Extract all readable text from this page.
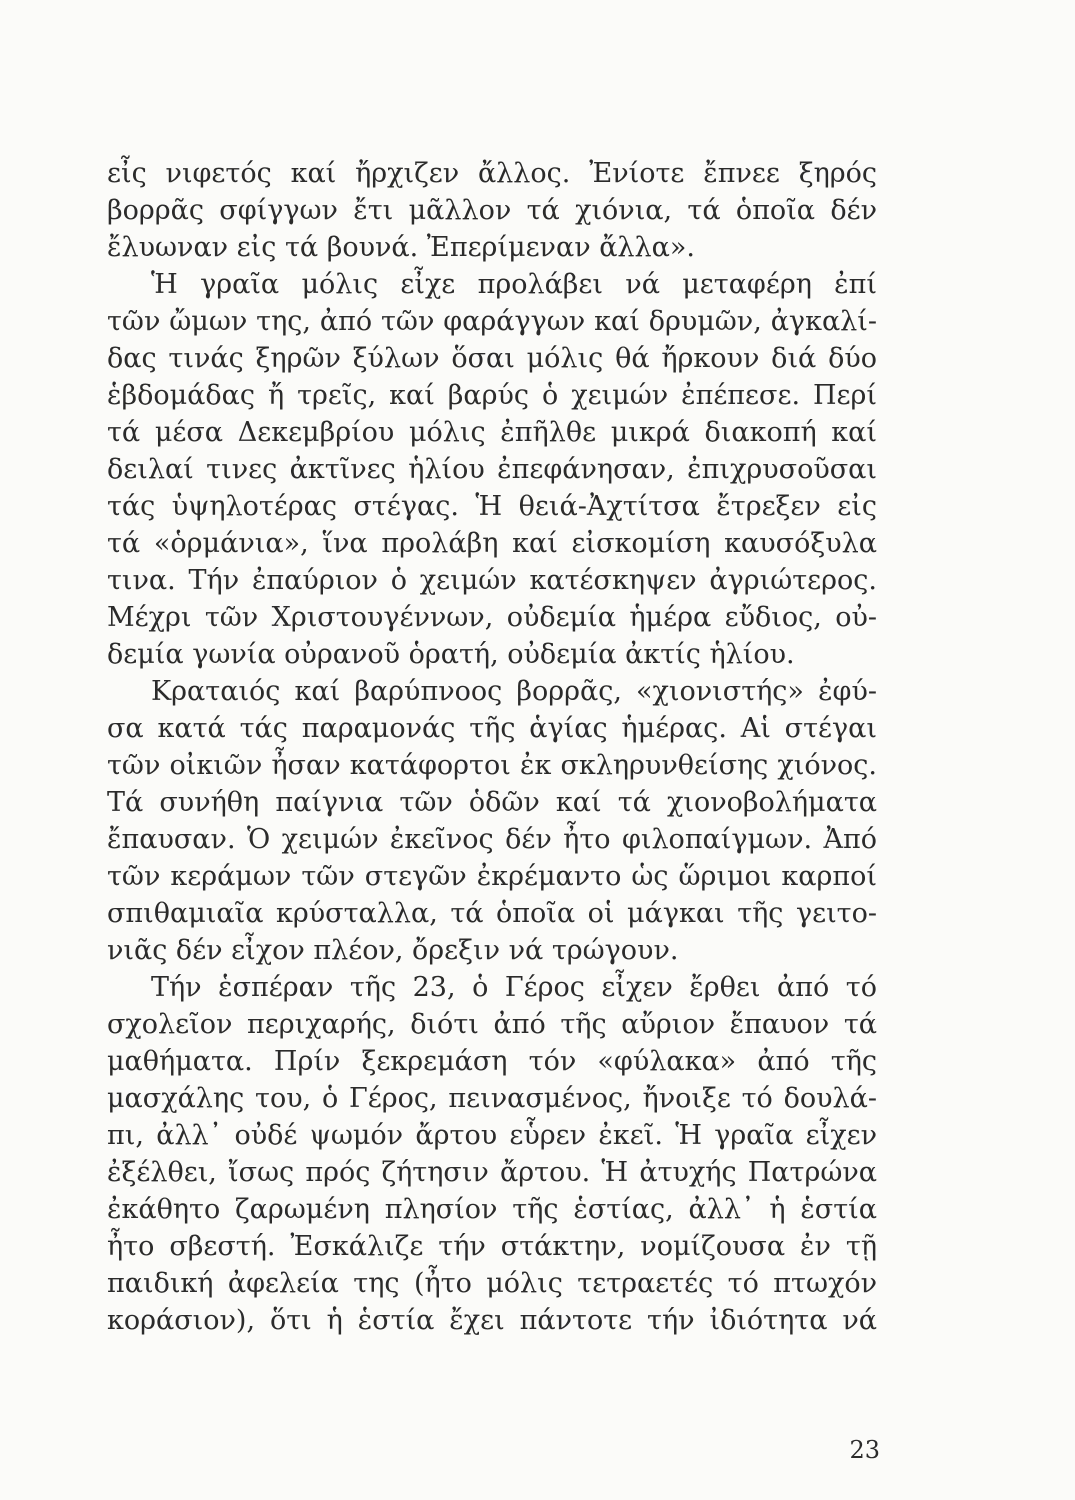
εἶς νιφετός καί ἤρχιζεν ἄλλος. Ἐνίοτε ἔπνεε ξηρός
βορρᾶς σφίγγων ἔτι μᾶλλον τά χιόνια, τά ὁποῖα δέν
ἔλυωναν εἰς τά βουνά. Ἐπερίμεναν ἄλλα».
Ἡ γραῖα μόλις εἶχε προλάβει νά μεταφέρη ἐπί
τῶν ὤμων της, ἀπό τῶν φαράγγων καί δρυμῶν, ἀγκαλί-
δας τινάς ξηρῶν ξύλων ὅσαι μόλις θά ἤρκουν διά δύο
ἑβδομάδας ἤ τρεῖς, καί βαρύς ὁ χειμών ἐπέπεσε. Περί
τά μέσα Δεκεμβρίου μόλις ἐπῆλθε μικρά διακοπή καί
δειλαί τινες ἀκτῖνες ἡλίου ἐπεφάνησαν, ἐπιχρυσοῦσαι
τάς ὑψηλοτέρας στέγας. Ἡ θειά-Ἀχτίτσα ἔτρεξεν εἰς
τά «ὁρμάνια», ἵνα προλάβη καί εἰσκομίση καυσόξυλα
τινα. Τήν ἐπαύριον ὁ χειμών κατέσκηψεν ἀγριώτερος.
Μέχρι τῶν Χριστουγέννων, οὐδεμία ἡμέρα εὔδιος, οὐ-
δεμία γωνία οὐρανοῦ ὁρατή, οὐδεμία ἀκτίς ἡλίου.
Κραταιός καί βαρύπνοος βορρᾶς, «χιονιστής» ἐφύ-
σα κατά τάς παραμονάς τῆς ἁγίας ἡμέρας. Αἱ στέγαι
τῶν οἰκιῶν ἦσαν κατάφορτοι ἐκ σκληρυνθείσης χιόνος.
Τά συνήθη παίγνια τῶν ὁδῶν καί τά χιονοβολήματα
ἔπαυσαν. Ὁ χειμών ἐκεῖνος δέν ἦτο φιλοπαίγμων. Ἀπό
τῶν κεράμων τῶν στεγῶν ἐκρέμαντο ὡς ὥριμοι καρποί
σπιθαμιαῖα κρύσταλλα, τά ὁποῖα οἱ μάγκαι τῆς γειτο-
νιᾶς δέν εἶχον πλέον, ὄρεξιν νά τρώγουν.
Τήν ἑσπέραν τῆς 23, ὁ Γέρος εἶχεν ἔρθει ἀπό τό
σχολεῖον περιχαρής, διότι ἀπό τῆς αὔριον ἔπαυον τά
μαθήματα. Πρίν ξεκρεμάση τόν «φύλακα» ἀπό τῆς
μασχάλης του, ὁ Γέρος, πεινασμένος, ἤνοιξε τό δουλά-
πι, ἀλλ᾽ οὐδέ ψωμόν ἄρτου εὗρεν ἐκεῖ. Ἡ γραῖα εἶχεν
ἐξέλθει, ἴσως πρός ζήτησιν ἄρτου. Ἡ ἀτυχής Πατρώνα
ἐκάθητο ζαρωμένη πλησίον τῆς ἑστίας, ἀλλ᾽ ἡ ἑστία
ἦτο σβεστή. Ἐσκάλιζε τήν στάκτην, νομίζουσα ἐν τῇ
παιδική ἀφελεία της (ἦτο μόλις τετραετές τό πτωχόν
κοράσιον), ὅτι ἡ ἑστία ἔχει πάντοτε τήν ἰδιότητα νά
23
